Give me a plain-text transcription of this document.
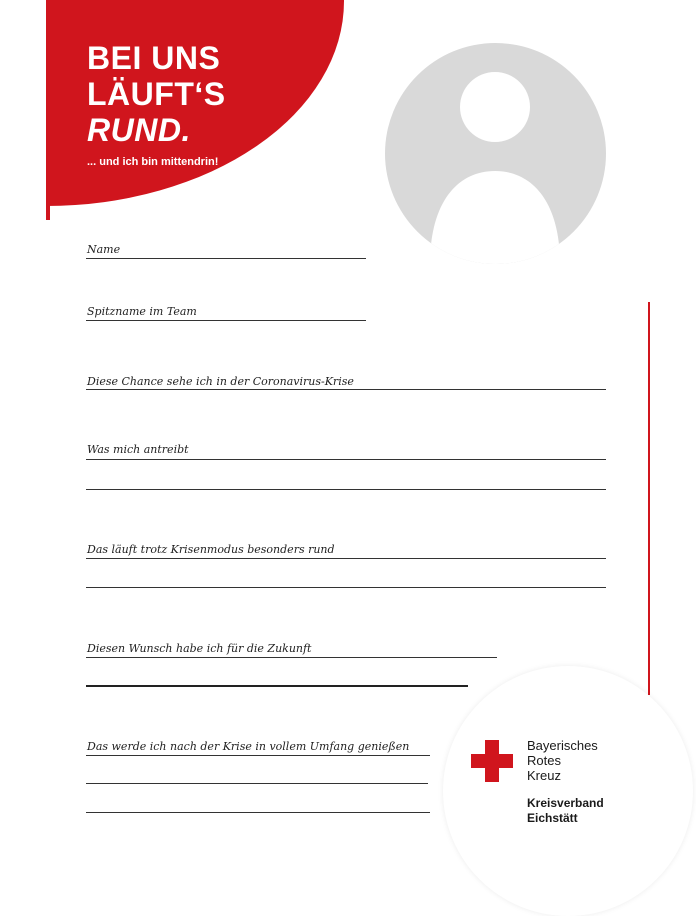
BEI UNS
LÄUFT‘S
RUND.
... und ich bin mittendrin!
Name
Spitzname im Team
Diese Chance sehe ich in der Coronavirus-Krise
Was mich antreibt
Das läuft trotz Krisenmodus besonders rund
Diesen Wunsch habe ich für die Zukunft
Das werde ich nach der Krise in vollem Umfang genießen	Bayerisches
Rotes
Kreuz
Kreisverband
Eichstätt
